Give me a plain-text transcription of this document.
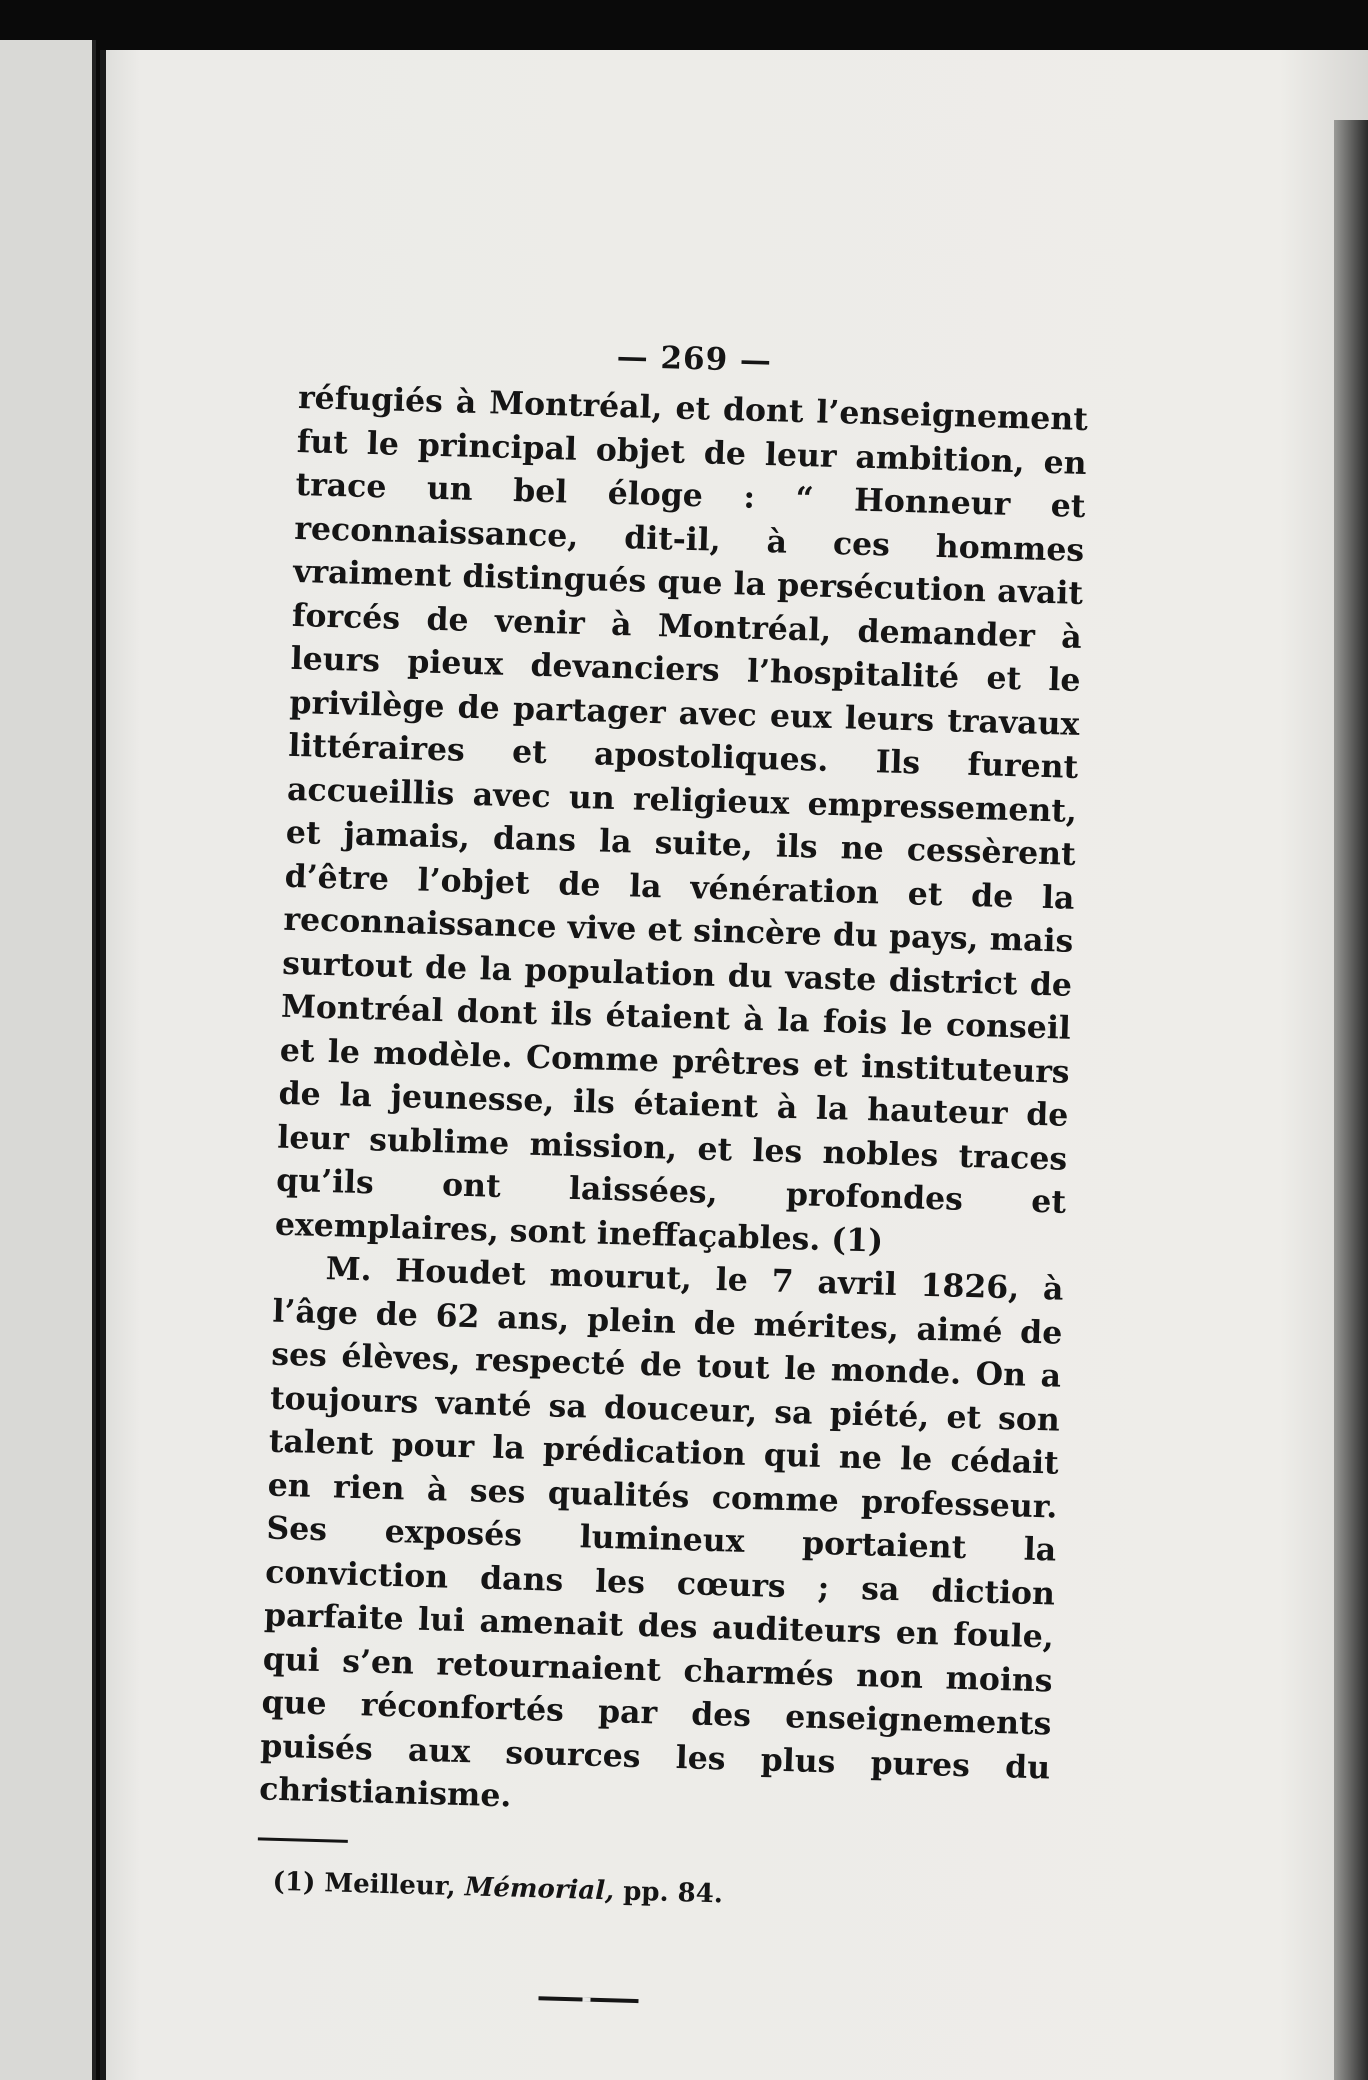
— 269 —

réfugiés à Montréal, et dont l’enseignement fut le principal objet de leur ambition, en trace un bel éloge : “ Honneur et reconnaissance, dit-il, à ces hommes vraiment distingués que la persécution avait forcés de venir à Montréal, demander à leurs pieux devanciers l’hospitalité et le privilège de partager avec eux leurs travaux littéraires et apostoliques. Ils furent accueillis avec un religieux empressement, et jamais, dans la suite, ils ne cessèrent d’être l’objet de la vénération et de la reconnaissance vive et sincère du pays, mais surtout de la population du vaste district de Montréal dont ils étaient à la fois le conseil et le modèle. Comme prêtres et instituteurs de la jeunesse, ils étaient à la hauteur de leur sublime mission, et les nobles traces qu’ils ont laissées, profondes et exemplaires, sont ineffaçables. (1)

M. Houdet mourut, le 7 avril 1826, à l’âge de 62 ans, plein de mérites, aimé de ses élèves, respecté de tout le monde. On a toujours vanté sa douceur, sa piété, et son talent pour la prédication qui ne le cédait en rien à ses qualités comme professeur. Ses exposés lumineux portaient la conviction dans les cœurs ; sa diction parfaite lui amenait des auditeurs en foule, qui s’en retournaient charmés non moins que réconfortés par des enseignements puisés aux sources les plus pures du christianisme.

(1) Meilleur, Mémorial, pp. 84.
